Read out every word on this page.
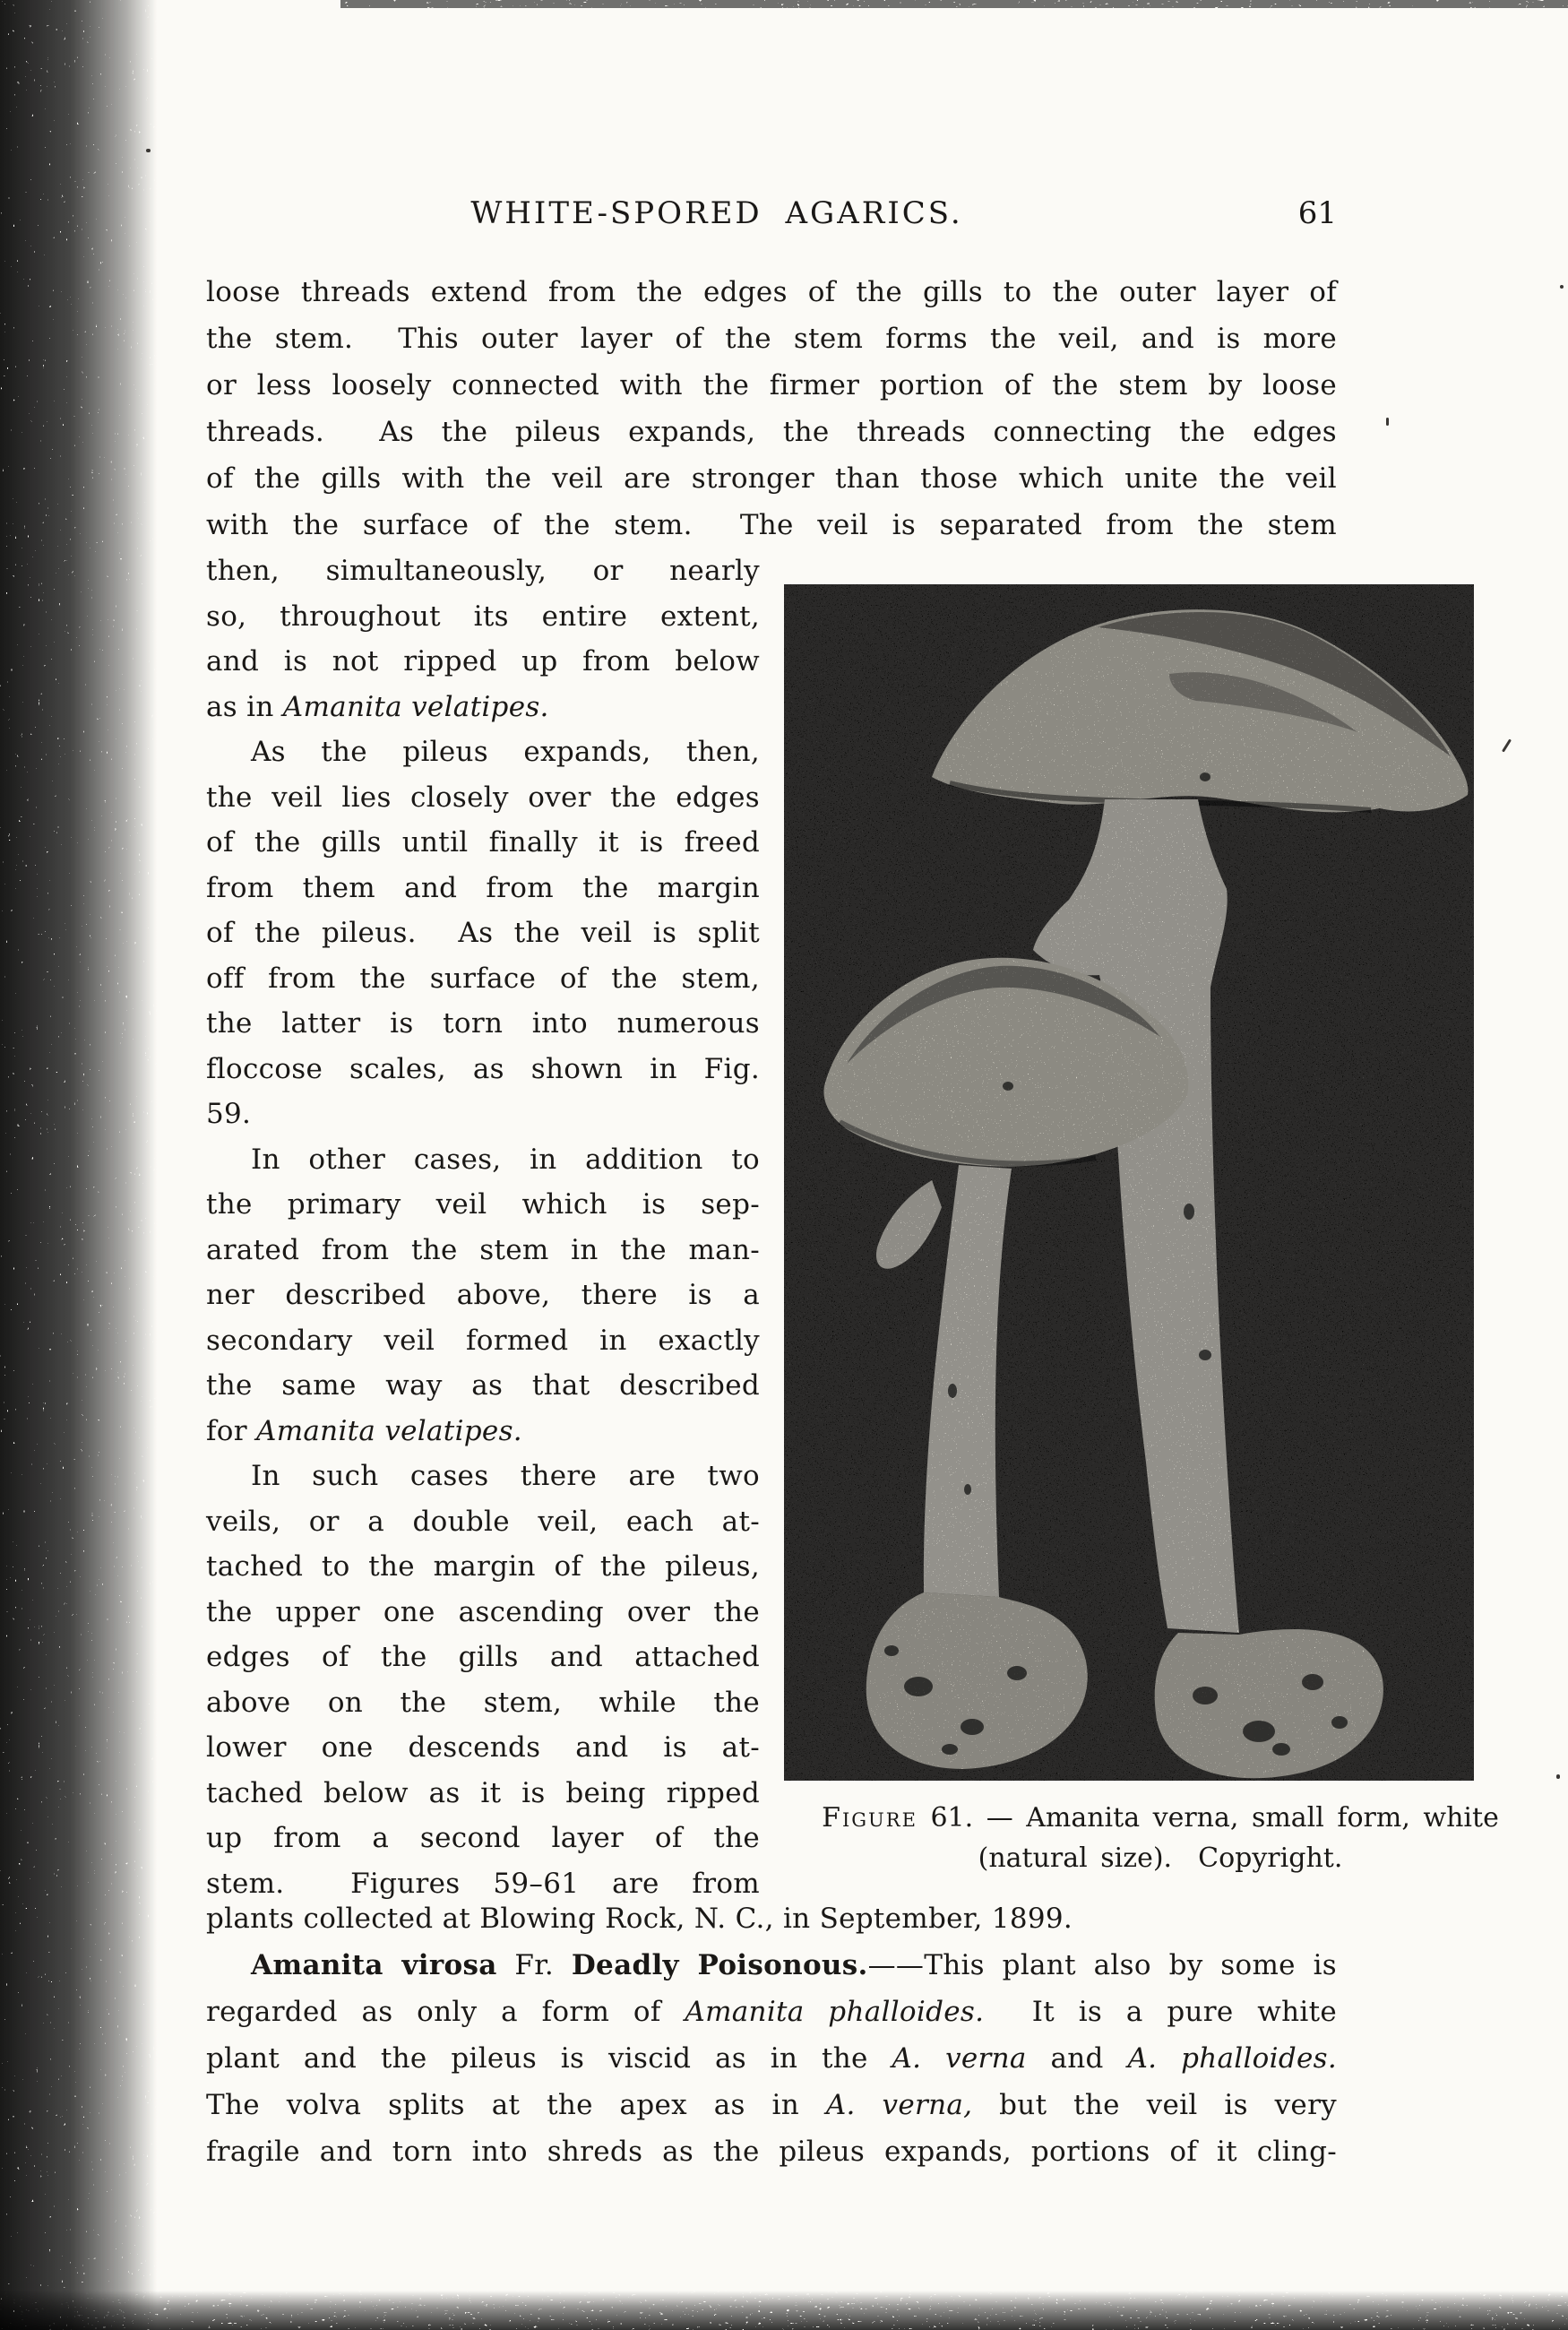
WHITE-SPORED AGARICS.	61
loose threads extend from the edges of the gills to the outer layer of
the stem.  This outer layer of the stem forms the veil, and is more
or less loosely connected with the firmer portion of the stem by loose
threads.  As the pileus expands, the threads connecting the edges
of the gills with the veil are stronger than those which unite the veil
with the surface of the stem.  The veil is separated from the stem
then, simultaneously, or nearly
so, throughout its entire extent,
and is not ripped up from below
as in Amanita velatipes.
As the pileus expands, then,
the veil lies closely over the edges
of the gills until finally it is freed
from them and from the margin
of the pileus.  As the veil is split
off from the surface of the stem,
the latter is torn into numerous
floccose scales, as shown in Fig.
59.
In other cases, in addition to
the primary veil which is sep-
arated from the stem in the man-
ner described above, there is a
secondary veil formed in exactly
the same way as that described
for Amanita velatipes.
In such cases there are two
veils, or a double veil, each at-
tached to the margin of the pileus,
the upper one ascending over the
edges of the gills and attached
above on the stem, while the
lower one descends and is at-
tached below as it is being ripped
up from a second layer of the
stem.  Figures 59–61 are from
Figure 61. — Amanita verna, small form, white
(natural size).  Copyright.
plants collected at Blowing Rock, N. C., in September, 1899.
Amanita virosa Fr. Deadly Poisonous.——This plant also by some is
regarded as only a form of Amanita phalloides.  It is a pure white
plant and the pileus is viscid as in the A. verna and A. phalloides.
The volva splits at the apex as in A. verna, but the veil is very
fragile and torn into shreds as the pileus expands, portions of it cling-
